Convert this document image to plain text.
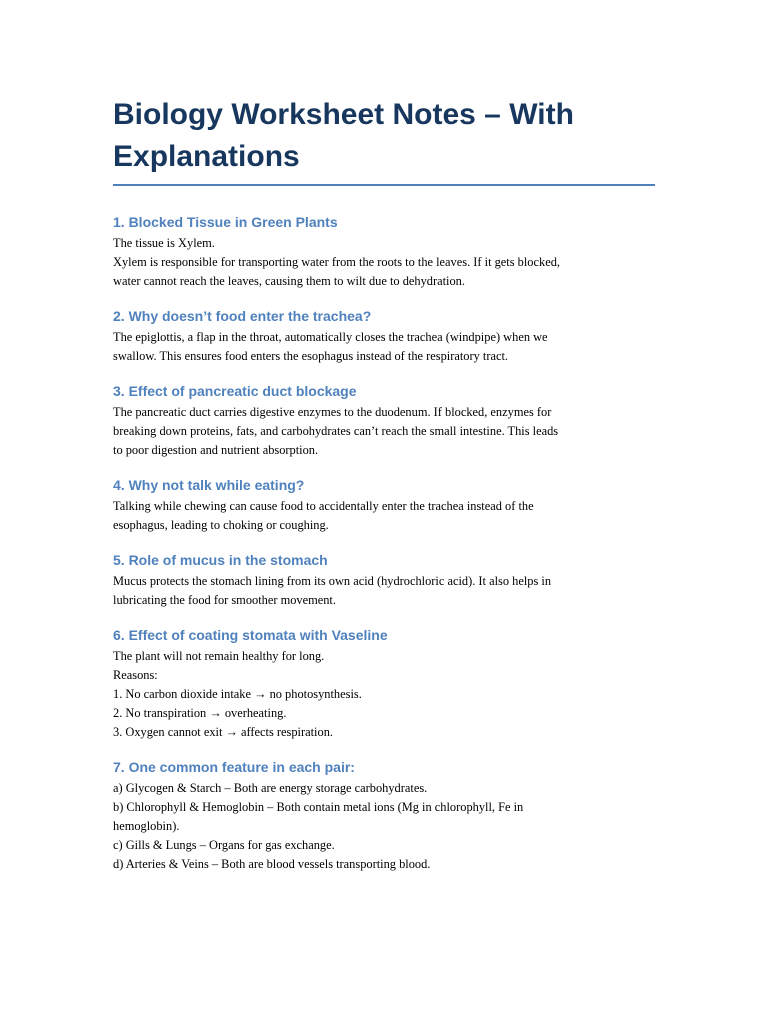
Biology Worksheet Notes – With
Explanations
1. Blocked Tissue in Green Plants

The tissue is Xylem.

Xylem is responsible for transporting water from the roots to the leaves. If it gets blocked,

water cannot reach the leaves, causing them to wilt due to dehydration.

2. Why doesn’t food enter the trachea?

The epiglottis, a flap in the throat, automatically closes the trachea (windpipe) when we

swallow. This ensures food enters the esophagus instead of the respiratory tract.

3. Effect of pancreatic duct blockage

The pancreatic duct carries digestive enzymes to the duodenum. If blocked, enzymes for

breaking down proteins, fats, and carbohydrates can’t reach the small intestine. This leads

to poor digestion and nutrient absorption.

4. Why not talk while eating?

Talking while chewing can cause food to accidentally enter the trachea instead of the

esophagus, leading to choking or coughing.

5. Role of mucus in the stomach

Mucus protects the stomach lining from its own acid (hydrochloric acid). It also helps in

lubricating the food for smoother movement.

6. Effect of coating stomata with Vaseline

The plant will not remain healthy for long.

Reasons:

1. No carbon dioxide intake → no photosynthesis.

2. No transpiration → overheating.

3. Oxygen cannot exit → affects respiration.

7. One common feature in each pair:

a) Glycogen & Starch – Both are energy storage carbohydrates.

b) Chlorophyll & Hemoglobin – Both contain metal ions (Mg in chlorophyll, Fe in

hemoglobin).

c) Gills & Lungs – Organs for gas exchange.

d) Arteries & Veins – Both are blood vessels transporting blood.
